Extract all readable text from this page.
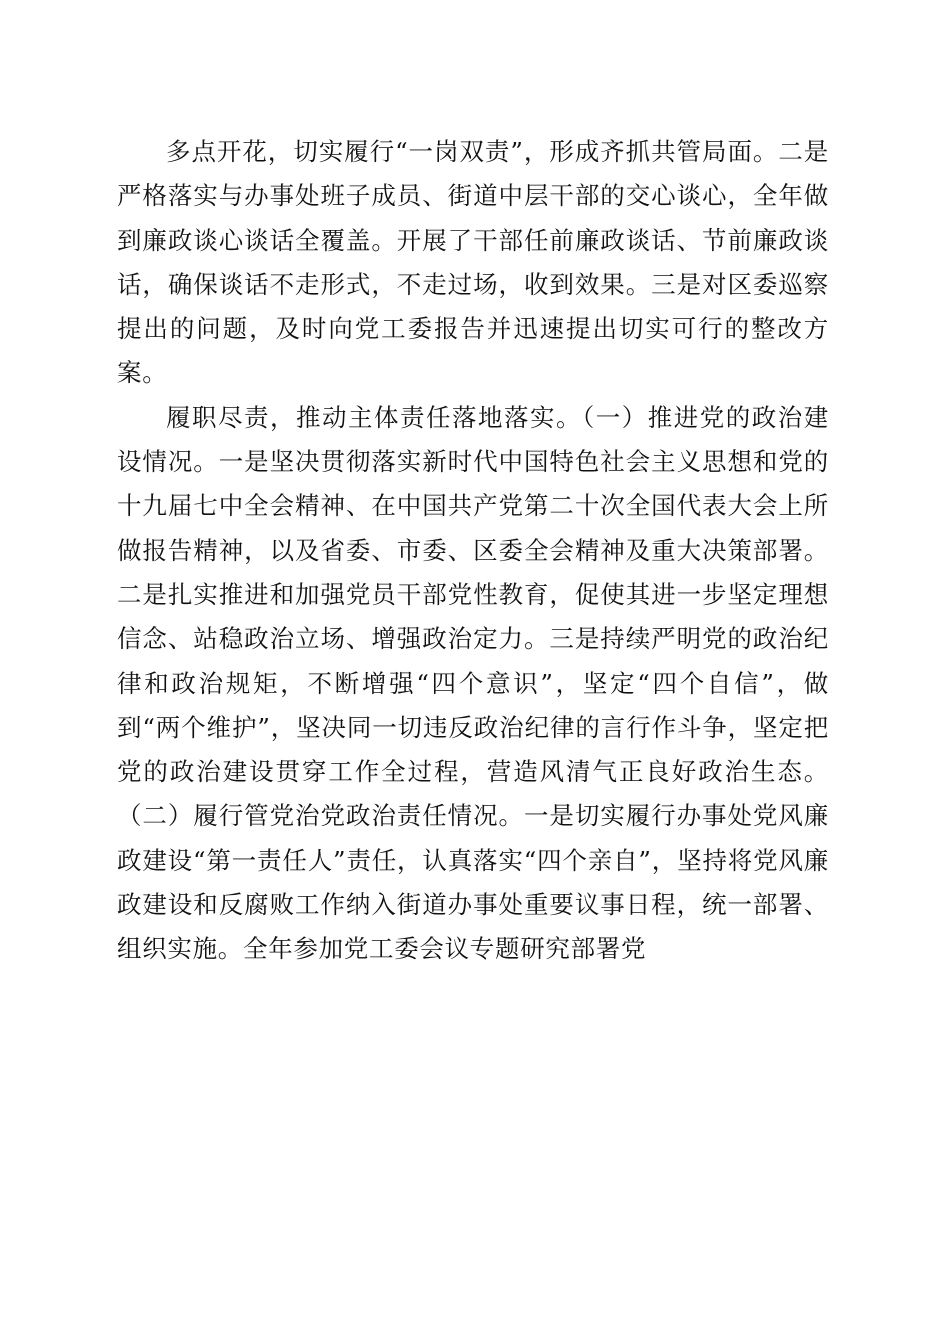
多点开花，切实履行“一岗双责”，形成齐抓共管局面。二是严格落实与办事处班子成员、街道中层干部的交心谈心，全年做到廉政谈心谈话全覆盖。开展了干部任前廉政谈话、节前廉政谈话，确保谈话不走形式，不走过场，收到效果。三是对区委巡察提出的问题，及时向党工委报告并迅速提出切实可行的整改方案。

履职尽责，推动主体责任落地落实。（一）推进党的政治建设情况。一是坚决贯彻落实新时代中国特色社会主义思想和党的十九届七中全会精神、在中国共产党第二十次全国代表大会上所做报告精神，以及省委、市委、区委全会精神及重大决策部署。二是扎实推进和加强党员干部党性教育，促使其进一步坚定理想信念、站稳政治立场、增强政治定力。三是持续严明党的政治纪律和政治规矩，不断增强“四个意识”，坚定“四个自信”，做到“两个维护”，坚决同一切违反政治纪律的言行作斗争，坚定把党的政治建设贯穿工作全过程，营造风清气正良好政治生态。（二）履行管党治党政治责任情况。一是切实履行办事处党风廉政建设“第一责任人”责任，认真落实“四个亲自”，坚持将党风廉政建设和反腐败工作纳入街道办事处重要议事日程，统一部署、组织实施。全年参加党工委会议专题研究部署党
